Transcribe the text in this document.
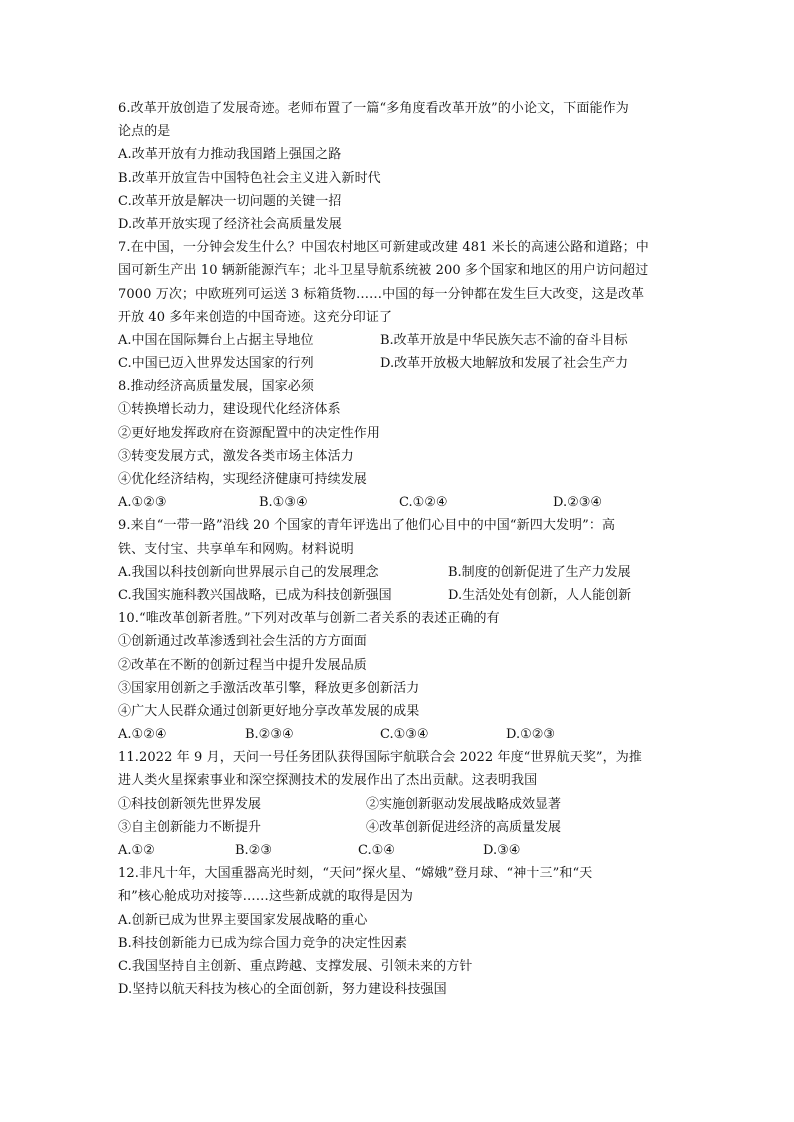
6.改革开放创造了发展奇迹。老师布置了一篇“多角度看改革开放”的小论文，下面能作为
论点的是
A.改革开放有力推动我国踏上强国之路
B.改革开放宣告中国特色社会主义进入新时代
C.改革开放是解决一切问题的关键一招
D.改革开放实现了经济社会高质量发展
7.在中国，一分钟会发生什么？中国农村地区可新建或改建 481 米长的高速公路和道路；中
国可新生产出 10 辆新能源汽车；北斗卫星导航系统被 200 多个国家和地区的用户访问超过
7000 万次；中欧班列可运送 3 标箱货物……中国的每一分钟都在发生巨大改变，这是改革
开放 40 多年来创造的中国奇迹。这充分印证了
A.中国在国际舞台上占据主导地位	B.改革开放是中华民族矢志不渝的奋斗目标
C.中国已迈入世界发达国家的行列	D.改革开放极大地解放和发展了社会生产力
8.推动经济高质量发展，国家必须
①转换增长动力，建设现代化经济体系
②更好地发挥政府在资源配置中的决定性作用
③转变发展方式，激发各类市场主体活力
④优化经济结构，实现经济健康可持续发展
A.①②③	B.①③④	C.①②④	D.②③④
9.来自“一带一路”沿线 20 个国家的青年评选出了他们心目中的中国“新四大发明”：高
铁、支付宝、共享单车和网购。材料说明
A.我国以科技创新向世界展示自己的发展理念	B.制度的创新促进了生产力发展
C.我国实施科教兴国战略，已成为科技创新强国	D.生活处处有创新，人人能创新
10.“唯改革创新者胜。”下列对改革与创新二者关系的表述正确的有
①创新通过改革渗透到社会生活的方方面面
②改革在不断的创新过程当中提升发展品质
③国家用创新之手激活改革引擎，释放更多创新活力
④广大人民群众通过创新更好地分享改革发展的成果
A.①②④	B.②③④	C.①③④	D.①②③
11.2022 年 9 月，天问一号任务团队获得国际宇航联合会 2022 年度“世界航天奖”，为推
进人类火星探索事业和深空探测技术的发展作出了杰出贡献。这表明我国
①科技创新领先世界发展	②实施创新驱动发展战略成效显著
③自主创新能力不断提升	④改革创新促进经济的高质量发展
A.①②	B.②③	C.①④	D.③④
12.非凡十年，大国重器高光时刻，“天问”探火星、“嫦娥”登月球、“神十三”和“天
和”核心舱成功对接等……这些新成就的取得是因为
A.创新已成为世界主要国家发展战略的重心
B.科技创新能力已成为综合国力竞争的决定性因素
C.我国坚持自主创新、重点跨越、支撑发展、引领未来的方针
D.坚持以航天科技为核心的全面创新，努力建设科技强国
